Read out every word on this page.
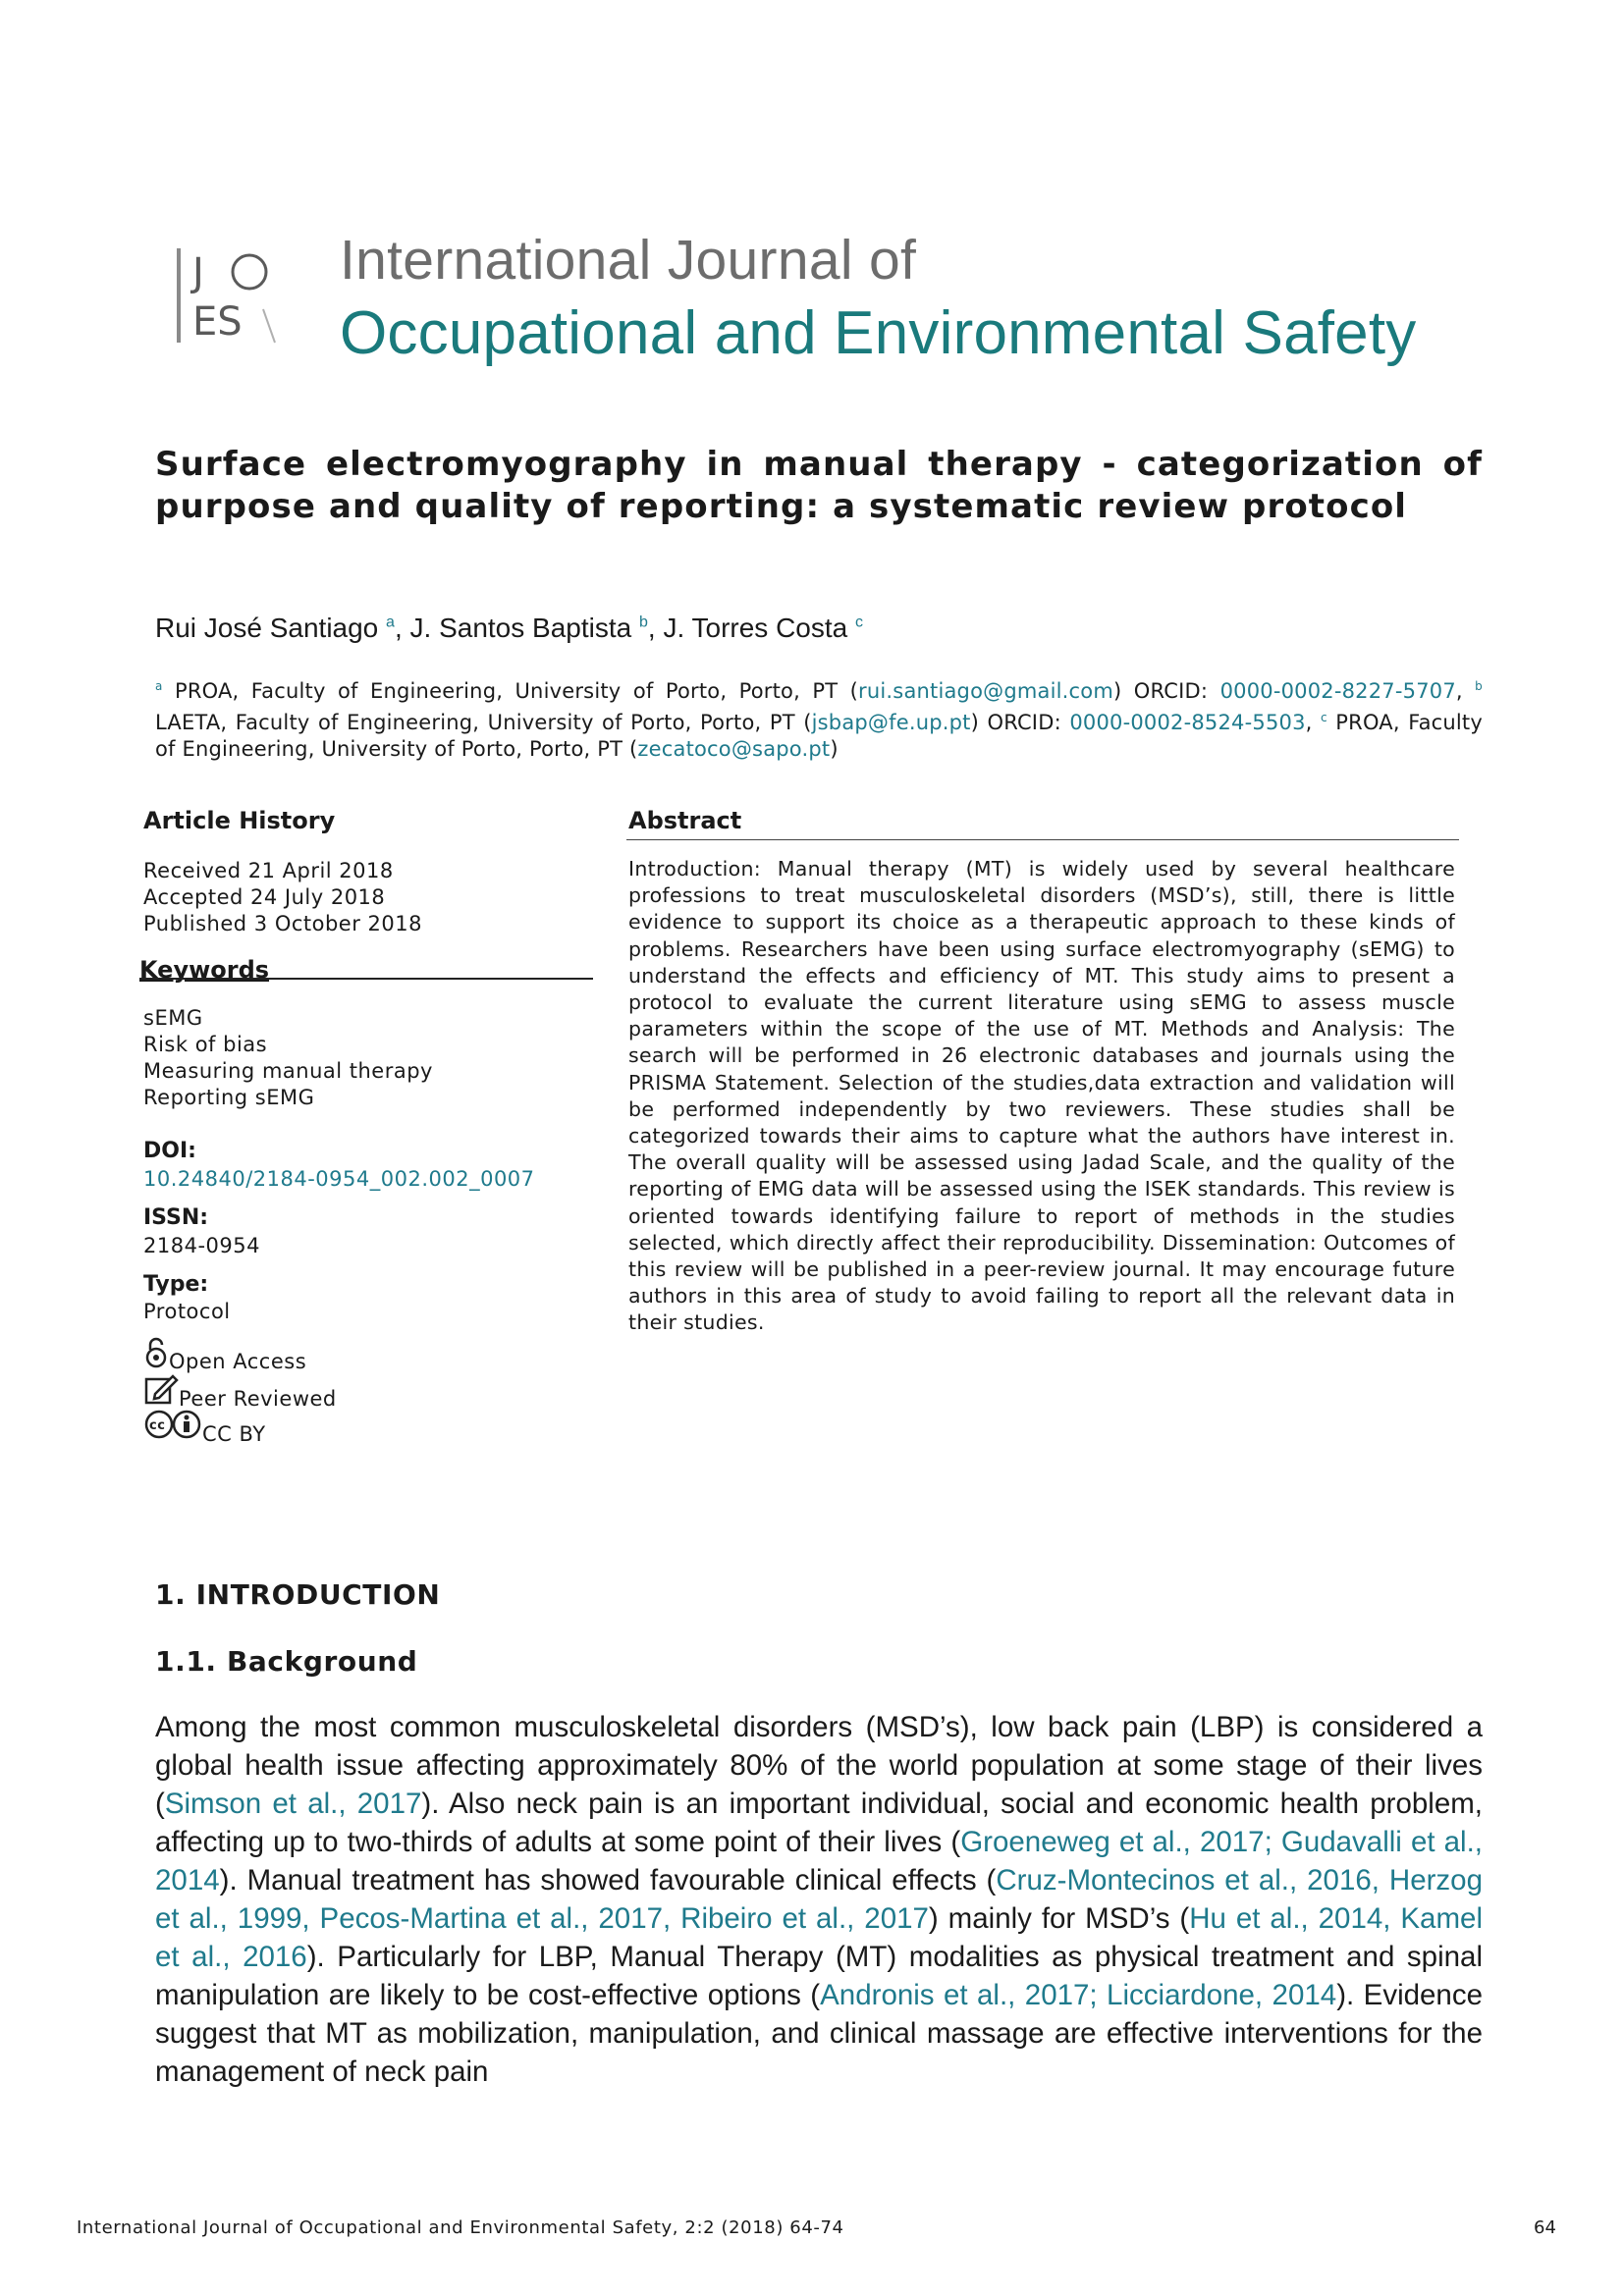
J
ES
International Journal of
Occupational and Environmental Safety
Surface electromyography in manual therapy - categorization of purpose and quality of reporting: a systematic review protocol
Rui José Santiago $^a$, J. Santos Baptista $^b$, J. Torres Costa $^c$
$^a$ PROA, Faculty of Engineering, University of Porto, Porto, PT (rui.santiago@gmail.com) ORCID: 0000-0002-8227-5707, $^b$ LAETA, Faculty of Engineering, University of Porto, Porto, PT (jsbap@fe.up.pt) ORCID: 0000-0002-8524-5503, $^c$ PROA, Faculty of Engineering, University of Porto, Porto, PT (zecatoco@sapo.pt)
Article History
Received 21 April 2018
Accepted 24 July 2018
Published 3 October 2018
Keywords
sEMG
Risk of bias
Measuring manual therapy
Reporting sEMG
DOI:
10.24840/2184-0954_002.002_0007
ISSN:
2184-0954
Type:
Protocol
Open Access
Peer Reviewed
cc CC BY
Abstract
Introduction: Manual therapy (MT) is widely used by several healthcare professions to treat musculoskeletal disorders (MSD’s), still, there is little evidence to support its choice as a therapeutic approach to these kinds of problems. Researchers have been using surface electromyography (sEMG) to understand the effects and efficiency of MT. This study aims to present a protocol to evaluate the current literature using sEMG to assess muscle parameters within the scope of the use of MT. Methods and Analysis: The search will be performed in 26 electronic databases and journals using the PRISMA Statement. Selection of the studies,data extraction and validation will be performed independently by two reviewers. These studies shall be categorized towards their aims to capture what the authors have interest in. The overall quality will be assessed using Jadad Scale, and the quality of the reporting of EMG data will be assessed using the ISEK standards. This review is oriented towards identifying failure to report of methods in the studies selected, which directly affect their reproducibility. Dissemination: Outcomes of this review will be published in a peer-review journal. It may encourage future authors in this area of study to avoid failing to report all the relevant data in their studies.
1. INTRODUCTION
1.1. Background
Among the most common musculoskeletal disorders (MSD’s), low back pain (LBP) is considered a global health issue affecting approximately 80% of the world population at some stage of their lives (Simson et al., 2017). Also neck pain is an important individual, social and economic health problem, affecting up to two-thirds of adults at some point of their lives (Groeneweg et al., 2017; Gudavalli et al., 2014). Manual treatment has showed favourable clinical effects (Cruz-Montecinos et al., 2016, Herzog et al., 1999, Pecos-Martina et al., 2017, Ribeiro et al., 2017) mainly for MSD’s (Hu et al., 2014, Kamel et al., 2016). Particularly for LBP, Manual Therapy (MT) modalities as physical treatment and spinal manipulation are likely to be cost-effective options (Andronis et al., 2017; Licciardone, 2014). Evidence suggest that MT as mobilization, manipulation, and clinical massage are effective interventions for the management of neck pain
International Journal of Occupational and Environmental Safety, 2:2 (2018) 64-74	64
